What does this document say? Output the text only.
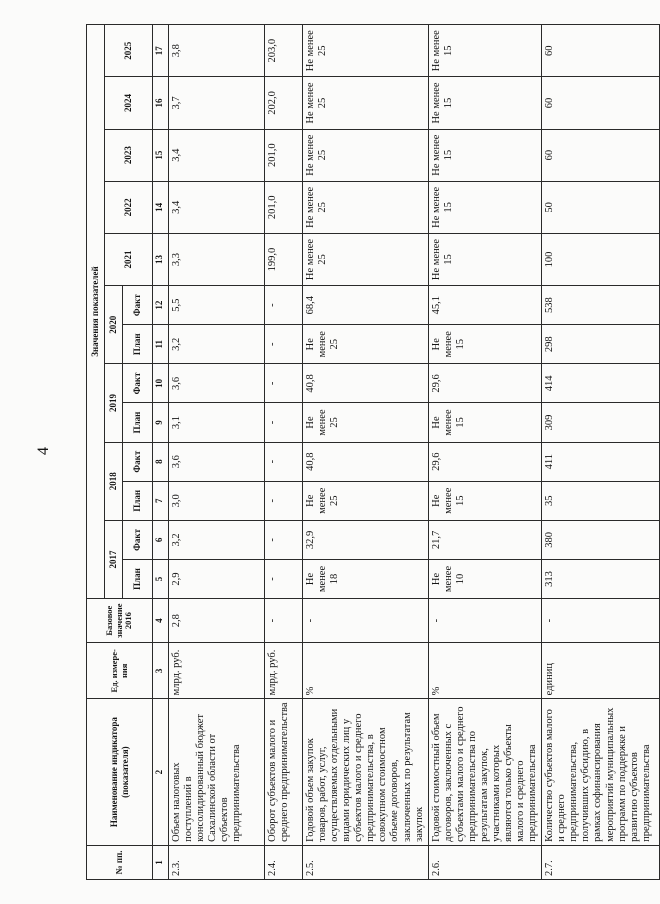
4
№ пп.	Наименование индикатора (показателя)	Ед. измере-ния	Базовое значение 2016	Значения показателей												
				2017		2018		2019		2020		2021	2022	2023	2024	2025
				План	Факт	План	Факт	План	Факт	План	Факт					
1	2	3	4	5	6	7	8	9	10	11	12	13	14	15	16	17
2.3.	Объем налоговых поступлений в консолидированный бюджет Сахалинской области от субъектов предпринимательства	млрд. руб.	2,8	2,9	3,2	3,0	3,6	3,1	3,6	3,2	5,5	3,3	3,4	3,4	3,7	3,8
2.4.	Оборот субъектов малого и среднего предпринимательства	млрд. руб.	-	-	-	-	-	-	-	-	-	199,0	201,0	201,0	202,0	203,0
2.5.	Годовой объем закупок товаров, работ, услуг, осуществляемых отдельными видами юридических лиц у субъектов малого и среднего предпринимательства, в совокупном стоимостном объеме договоров, заключенных по результатам закупок	%	-	Не менее 18	32,9	Не менее 25	40,8	Не менее 25	40,8	Не менее 25	68,4	Не менее 25	Не менее 25	Не менее 25	Не менее 25	Не менее 25
2.6.	Годовой стоимостный объем договоров, заключенных с субъектами малого и среднего предпринимательства по результатам закупок, участниками которых являются только субъекты малого и среднего предпринимательства	%	-	Не менее 10	21,7	Не менее 15	29,6	Не менее 15	29,6	Не менее 15	45,1	Не менее 15	Не менее 15	Не менее 15	Не менее 15	Не менее 15
2.7.	Количество субъектов малого и среднего предпринимательства, получивших субсидию, в рамках софинансирования мероприятий муниципальных программ по поддержке и развитию субъектов предпринимательства	единиц	-	313	380	35	411	309	414	298	538	100	50	60	60	60
